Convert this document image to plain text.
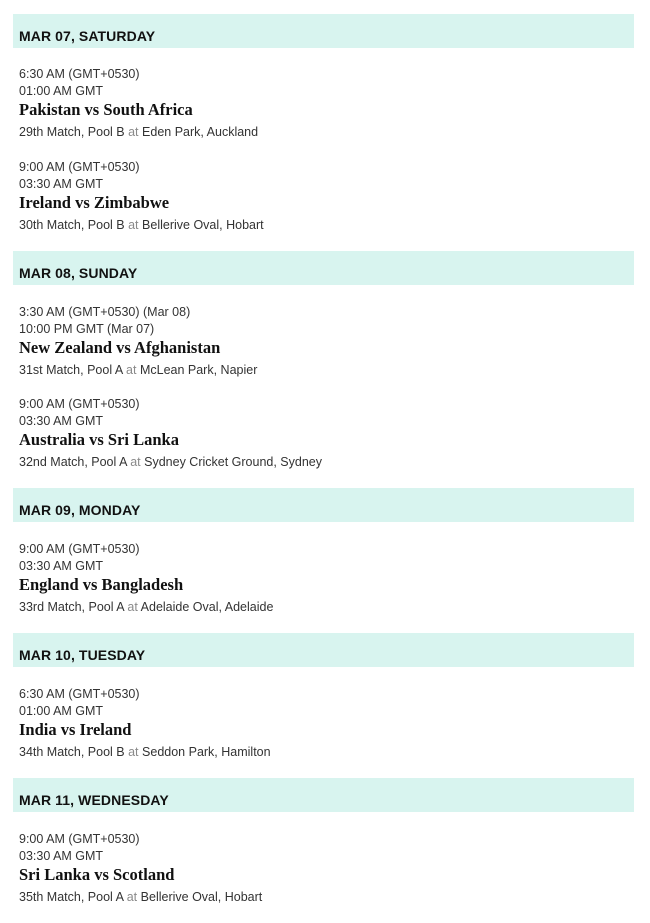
MAR 07, SATURDAY
6:30 AM (GMT+0530)
01:00 AM GMT
Pakistan vs South Africa
29th Match, Pool B at Eden Park, Auckland
9:00 AM (GMT+0530)
03:30 AM GMT
Ireland vs Zimbabwe
30th Match, Pool B at Bellerive Oval, Hobart
MAR 08, SUNDAY
3:30 AM (GMT+0530) (Mar 08)
10:00 PM GMT (Mar 07)
New Zealand vs Afghanistan
31st Match, Pool A at McLean Park, Napier
9:00 AM (GMT+0530)
03:30 AM GMT
Australia vs Sri Lanka
32nd Match, Pool A at Sydney Cricket Ground, Sydney
MAR 09, MONDAY
9:00 AM (GMT+0530)
03:30 AM GMT
England vs Bangladesh
33rd Match, Pool A at Adelaide Oval, Adelaide
MAR 10, TUESDAY
6:30 AM (GMT+0530)
01:00 AM GMT
India vs Ireland
34th Match, Pool B at Seddon Park, Hamilton
MAR 11, WEDNESDAY
9:00 AM (GMT+0530)
03:30 AM GMT
Sri Lanka vs Scotland
35th Match, Pool A at Bellerive Oval, Hobart
